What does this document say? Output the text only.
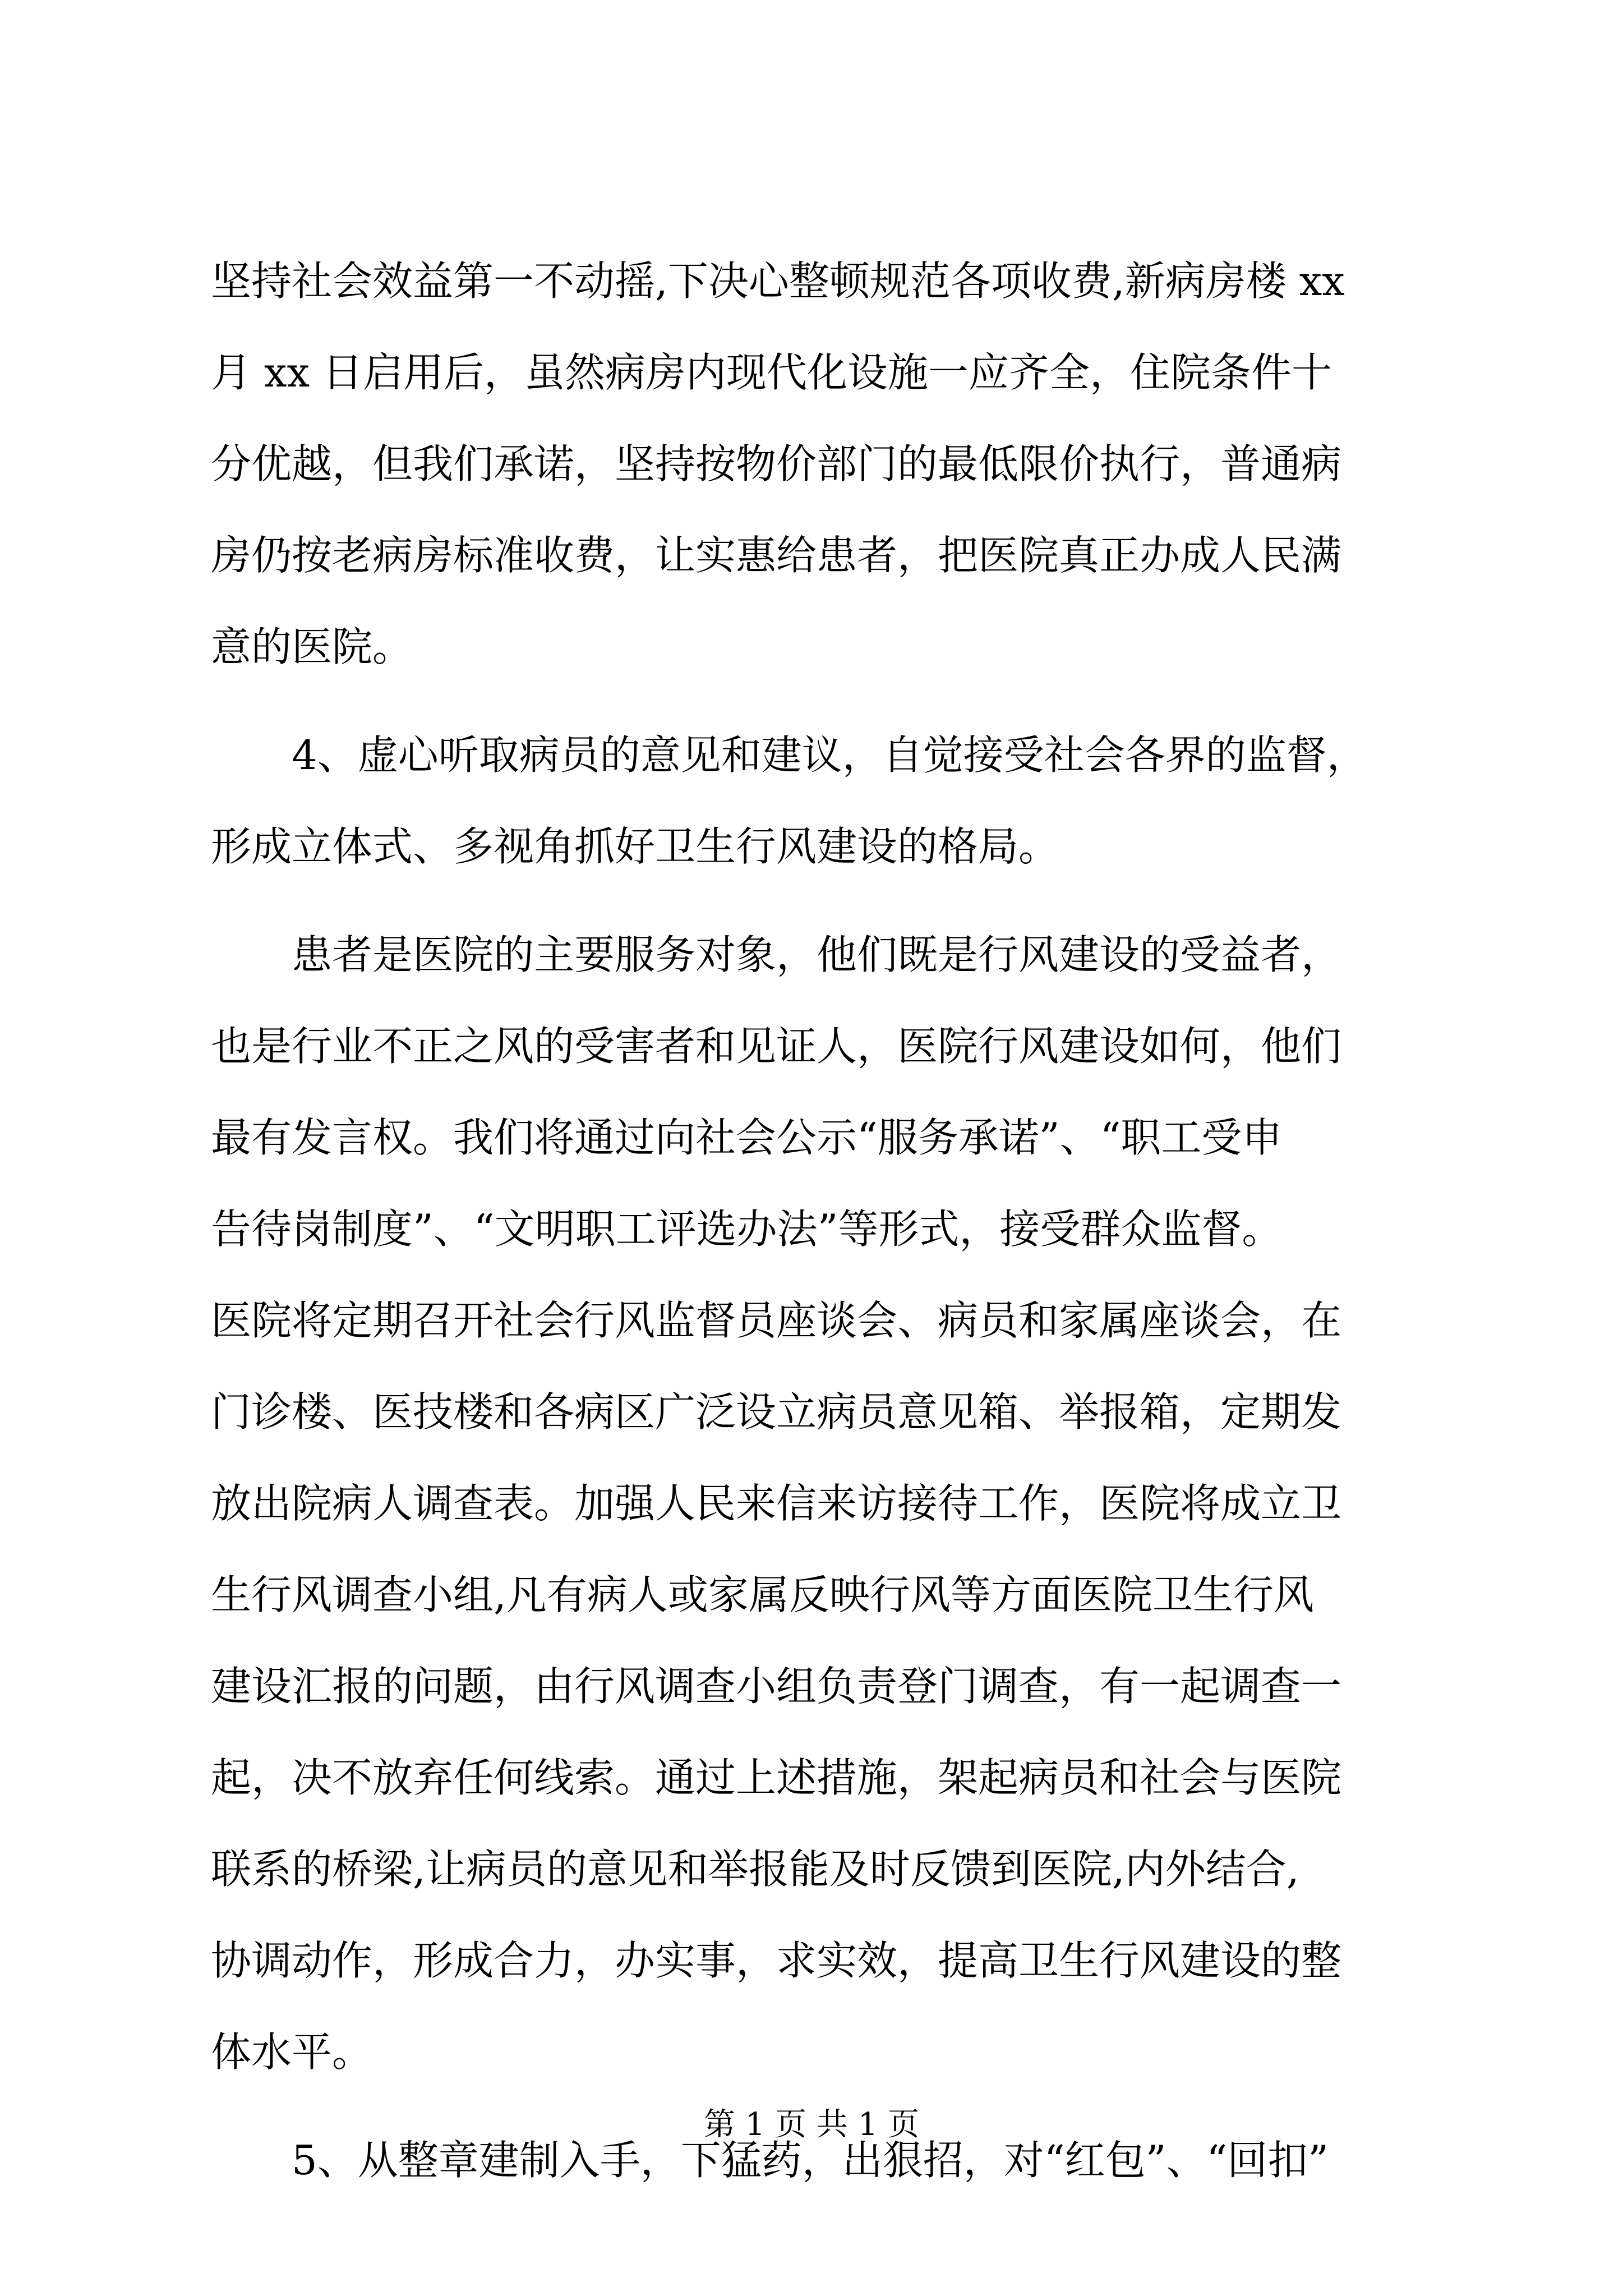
坚持社会效益第一不动摇,下决心整顿规范各项收费,新病房楼 xx
月 xx 日启用后，虽然病房内现代化设施一应齐全，住院条件十
分优越，但我们承诺，坚持按物价部门的最低限价执行，普通病
房仍按老病房标准收费，让实惠给患者，把医院真正办成人民满
意的医院。
　　4、虚心听取病员的意见和建议，自觉接受社会各界的监督，
形成立体式、多视角抓好卫生行风建设的格局。
　　患者是医院的主要服务对象，他们既是行风建设的受益者，
也是行业不正之风的受害者和见证人，医院行风建设如何，他们
最有发言权。我们将通过向社会公示“服务承诺”、“职工受申
告待岗制度”、“文明职工评选办法”等形式，接受群众监督。
医院将定期召开社会行风监督员座谈会、病员和家属座谈会，在
门诊楼、医技楼和各病区广泛设立病员意见箱、举报箱，定期发
放出院病人调查表。加强人民来信来访接待工作，医院将成立卫
生行风调查小组,凡有病人或家属反映行风等方面医院卫生行风
建设汇报的问题，由行风调查小组负责登门调查，有一起调查一
起，决不放弃任何线索。通过上述措施，架起病员和社会与医院
联系的桥梁,让病员的意见和举报能及时反馈到医院,内外结合,
协调动作，形成合力，办实事，求实效，提高卫生行风建设的整
体水平。
　　5、从整章建制入手，下猛药，出狠招，对“红包”、“回扣”
第 1 页 共 1 页
